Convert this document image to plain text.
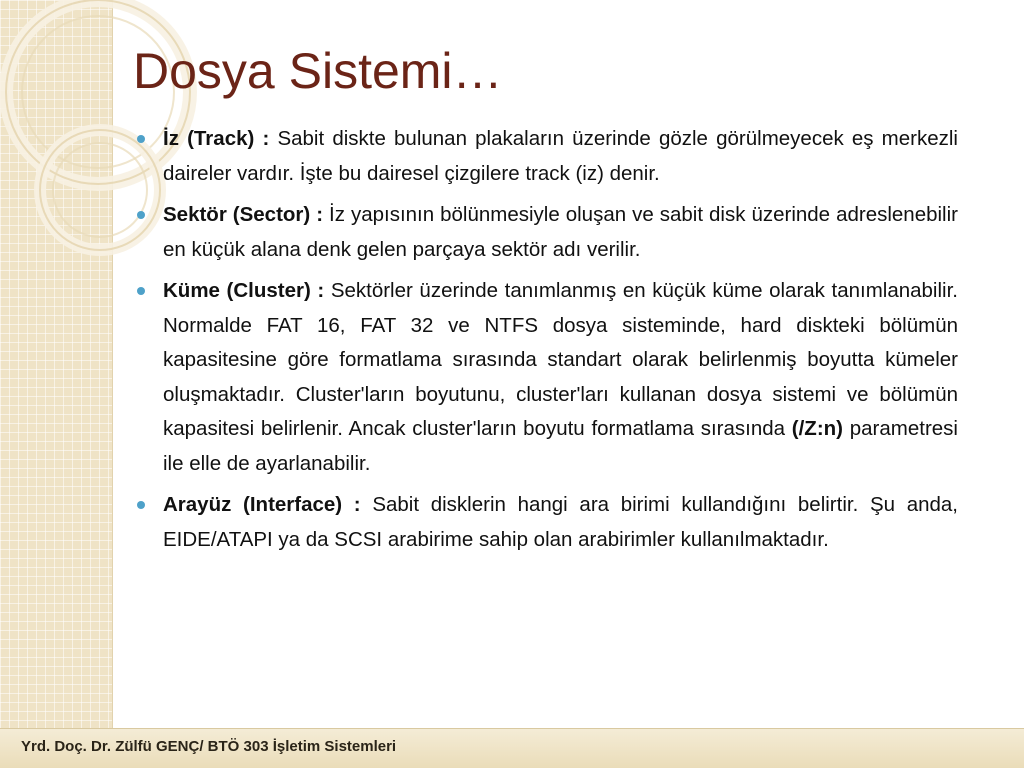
Dosya Sistemi…
İz (Track) : Sabit diskte bulunan plakaların üzerinde gözle görülmeyecek eş merkezli daireler vardır. İşte bu dairesel çizgilere track (iz) denir.
Sektör (Sector) : İz yapısının bölünmesiyle oluşan ve sabit disk üzerinde adreslenebilir en küçük alana denk gelen parçaya sektör adı verilir.
Küme (Cluster) : Sektörler üzerinde tanımlanmış en küçük küme olarak tanımlanabilir. Normalde FAT 16, FAT 32 ve NTFS dosya sisteminde, hard diskteki bölümün kapasitesine göre formatlama sırasında standart olarak belirlenmiş boyutta kümeler oluşmaktadır. Cluster'ların boyutunu, cluster'ları kullanan dosya sistemi ve bölümün kapasitesi belirlenir. Ancak cluster'ların boyutu formatlama sırasında (/Z:n) parametresi ile elle de ayarlanabilir.
Arayüz (Interface) : Sabit disklerin hangi ara birimi kullandığını belirtir. Şu anda, EIDE/ATAPI ya da SCSI arabirime sahip olan arabirimler kullanılmaktadır.
Yrd. Doç. Dr. Zülfü GENÇ/ BTÖ 303 İşletim Sistemleri
